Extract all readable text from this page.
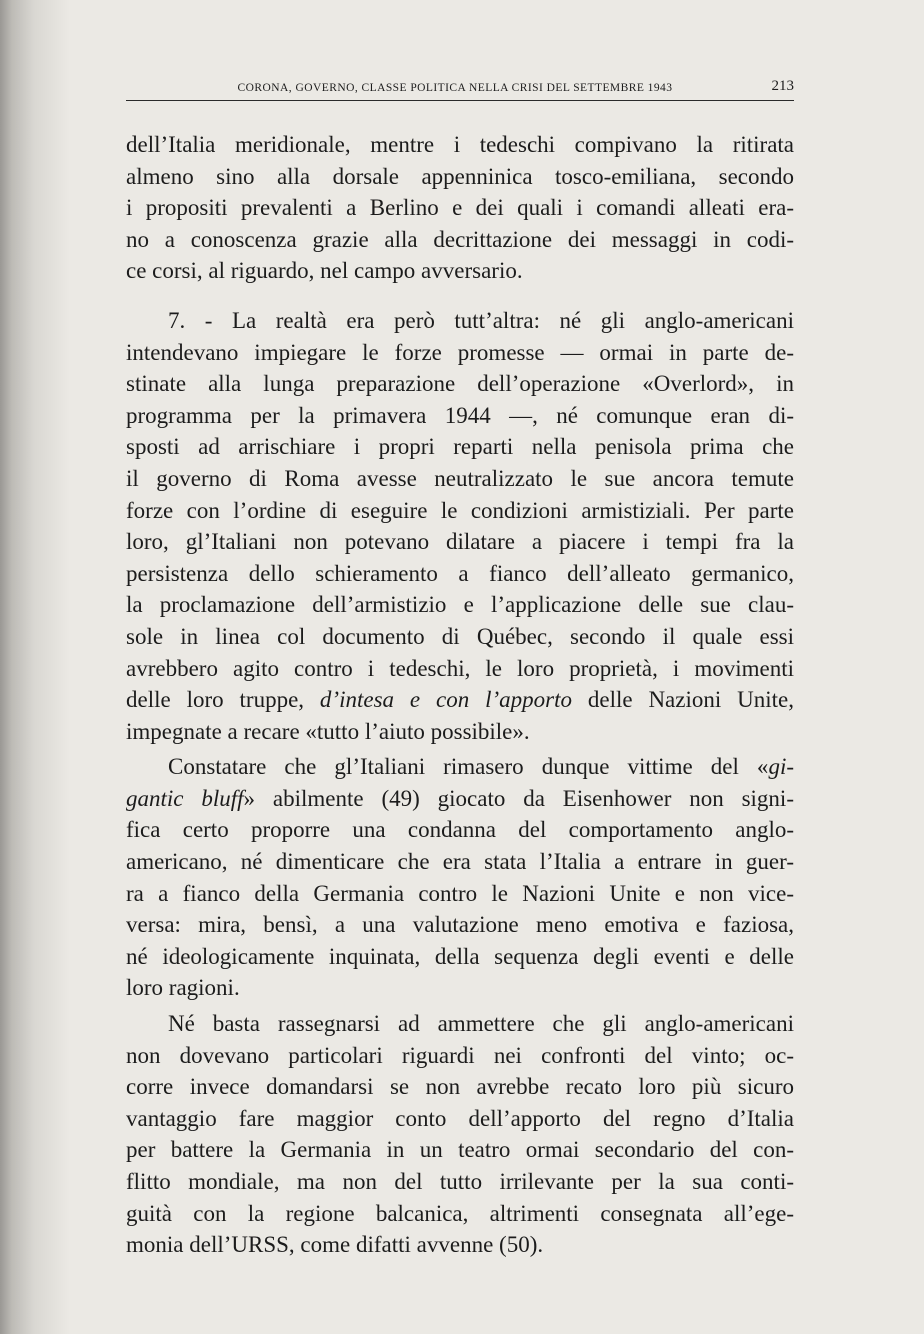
CORONA, GOVERNO, CLASSE POLITICA NELLA CRISI DEL SETTEMBRE 1943	213

dell’Italia meridionale, mentre i tedeschi compivano la ritirata
almeno sino alla dorsale appenninica tosco-emiliana, secondo
i propositi prevalenti a Berlino e dei quali i comandi alleati era-
no a conoscenza grazie alla decrittazione dei messaggi in codi-
ce corsi, al riguardo, nel campo avversario.

7. - La realtà era però tutt’altra: né gli anglo-americani
intendevano impiegare le forze promesse — ormai in parte de-
stinate alla lunga preparazione dell’operazione «Overlord», in
programma per la primavera 1944 —, né comunque eran di-
sposti ad arrischiare i propri reparti nella penisola prima che
il governo di Roma avesse neutralizzato le sue ancora temute
forze con l’ordine di eseguire le condizioni armistiziali. Per parte
loro, gl’Italiani non potevano dilatare a piacere i tempi fra la
persistenza dello schieramento a fianco dell’alleato germanico,
la proclamazione dell’armistizio e l’applicazione delle sue clau-
sole in linea col documento di Québec, secondo il quale essi
avrebbero agito contro i tedeschi, le loro proprietà, i movimenti
delle loro truppe, d’intesa e con l’apporto delle Nazioni Unite,
impegnate a recare «tutto l’aiuto possibile».

Constatare che gl’Italiani rimasero dunque vittime del «gi-
gantic bluff» abilmente (49) giocato da Eisenhower non signi-
fica certo proporre una condanna del comportamento anglo-
americano, né dimenticare che era stata l’Italia a entrare in guer-
ra a fianco della Germania contro le Nazioni Unite e non vice-
versa: mira, bensì, a una valutazione meno emotiva e faziosa,
né ideologicamente inquinata, della sequenza degli eventi e delle
loro ragioni.

Né basta rassegnarsi ad ammettere che gli anglo-americani
non dovevano particolari riguardi nei confronti del vinto; oc-
corre invece domandarsi se non avrebbe recato loro più sicuro
vantaggio fare maggior conto dell’apporto del regno d’Italia
per battere la Germania in un teatro ormai secondario del con-
flitto mondiale, ma non del tutto irrilevante per la sua conti-
guità con la regione balcanica, altrimenti consegnata all’ege-
monia dell’URSS, come difatti avvenne (50).
